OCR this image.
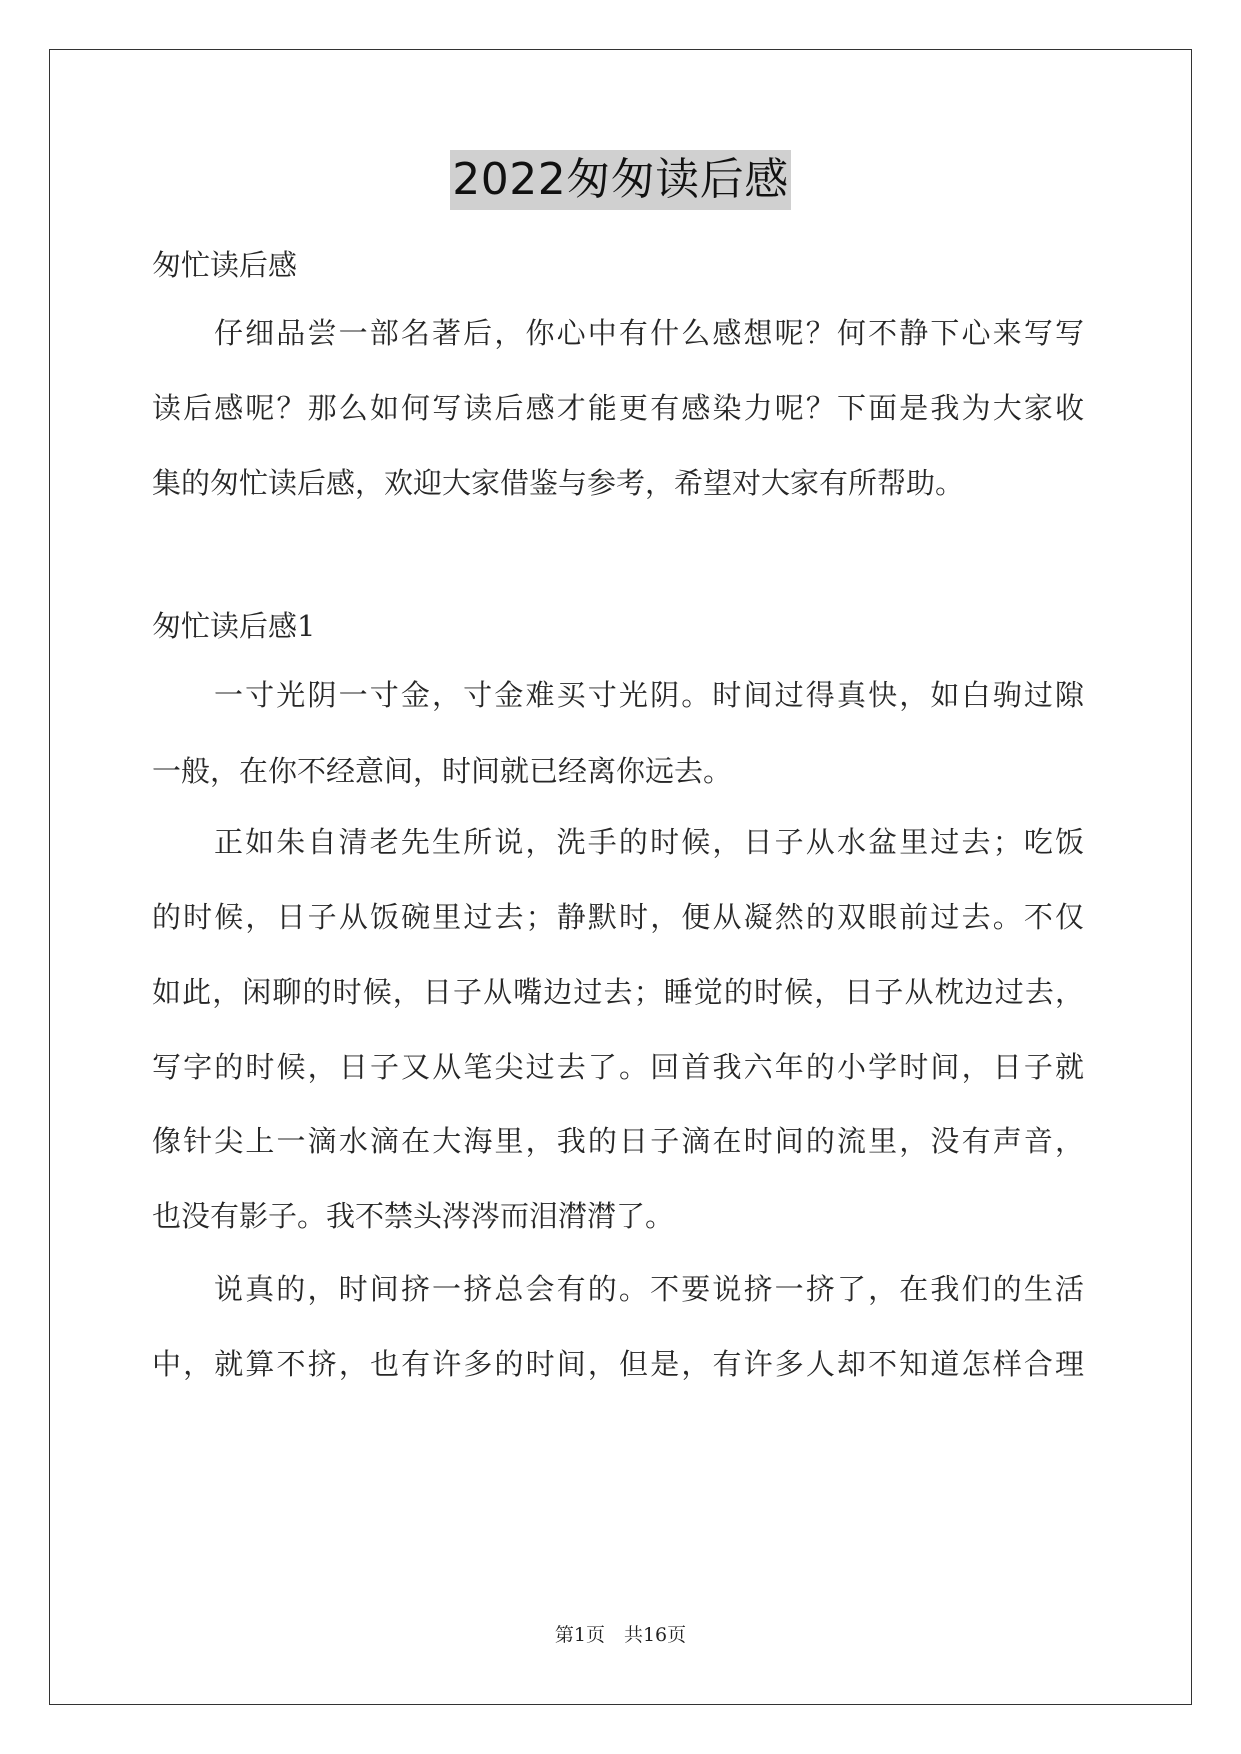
2022匆匆读后感
匆忙读后感
仔细品尝一部名著后，你心中有什么感想呢？何不静下心来写写
读后感呢？那么如何写读后感才能更有感染力呢？下面是我为大家收
集的匆忙读后感，欢迎大家借鉴与参考，希望对大家有所帮助。
匆忙读后感1
一寸光阴一寸金，寸金难买寸光阴。时间过得真快，如白驹过隙
一般，在你不经意间，时间就已经离你远去。
正如朱自清老先生所说，洗手的时候，日子从水盆里过去；吃饭
的时候，日子从饭碗里过去；静默时，便从凝然的双眼前过去。不仅
如此，闲聊的时候，日子从嘴边过去；睡觉的时候，日子从枕边过去，
写字的时候，日子又从笔尖过去了。回首我六年的小学时间，日子就
像针尖上一滴水滴在大海里，我的日子滴在时间的流里，没有声音，
也没有影子。我不禁头涔涔而泪潸潸了。
说真的，时间挤一挤总会有的。不要说挤一挤了，在我们的生活
中，就算不挤，也有许多的时间，但是，有许多人却不知道怎样合理
第1页　共16页
